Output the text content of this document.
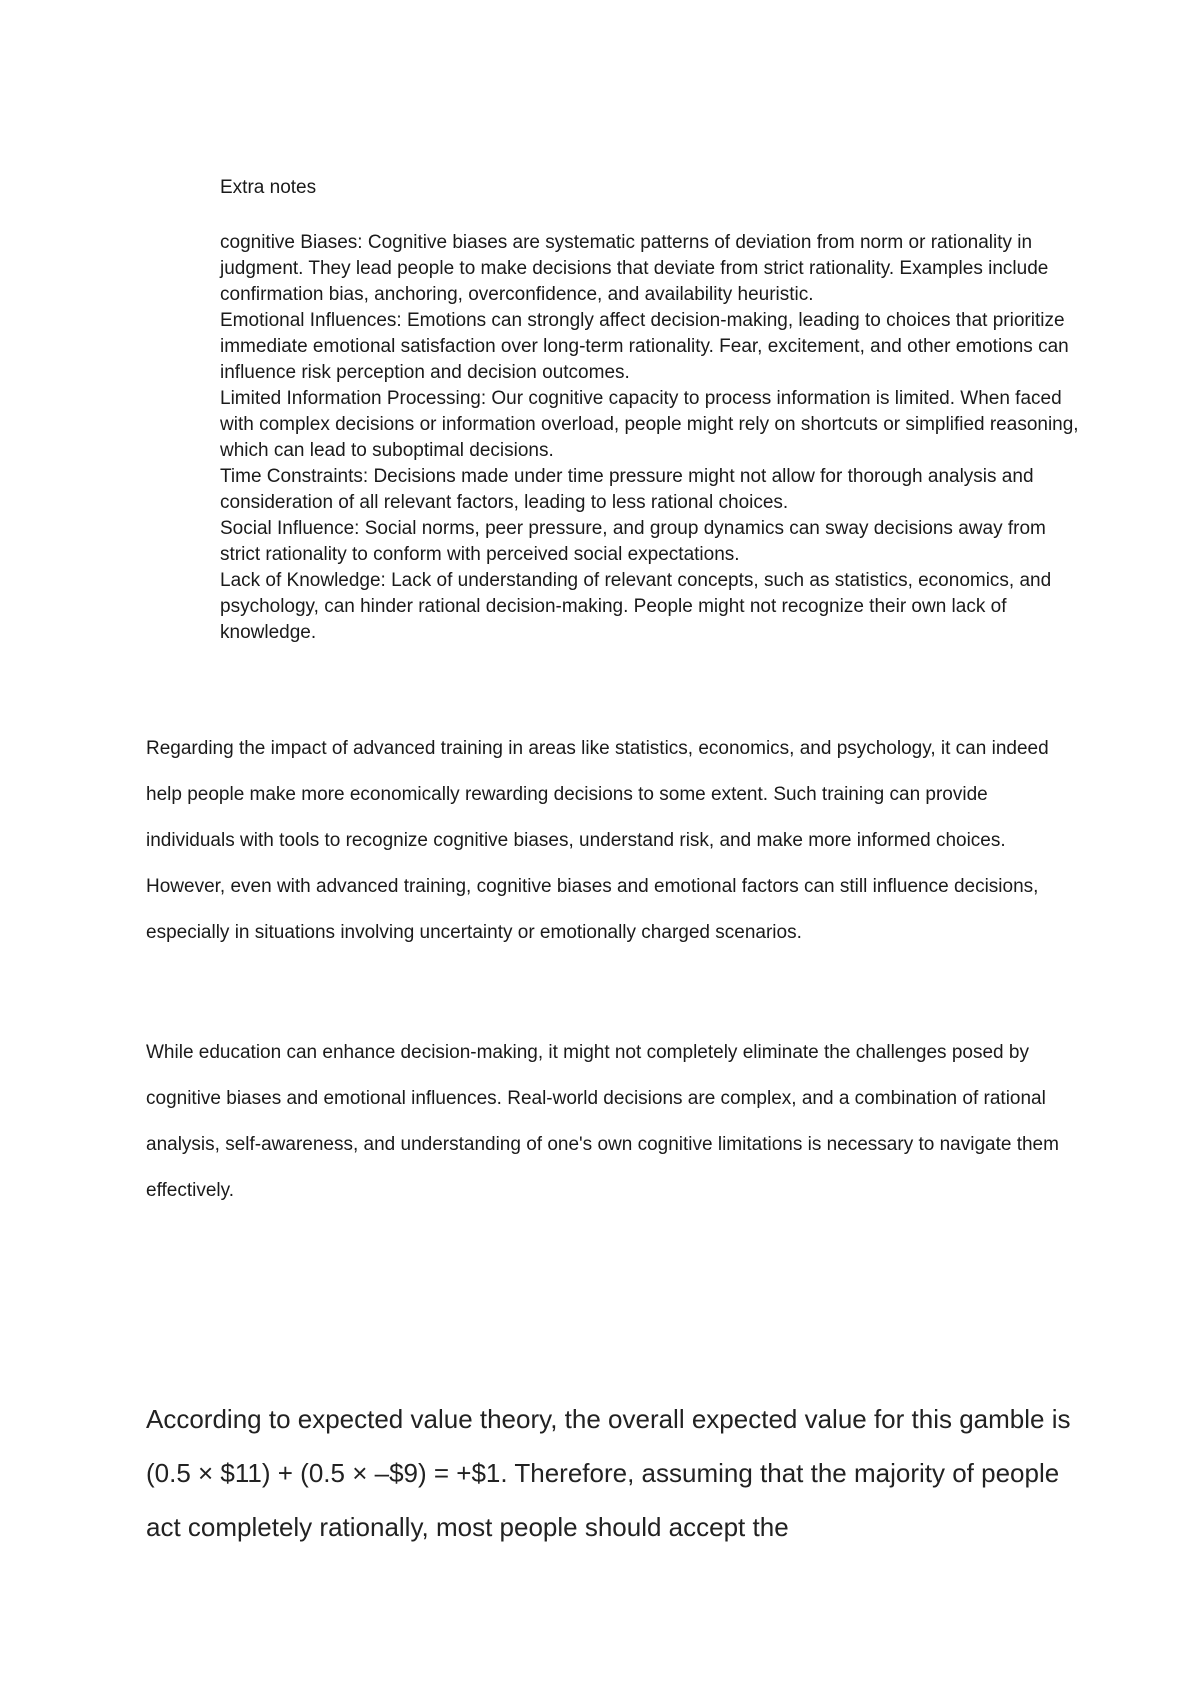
Extra notes

cognitive Biases: Cognitive biases are systematic patterns of deviation from norm or rationality in judgment. They lead people to make decisions that deviate from strict rationality. Examples include confirmation bias, anchoring, overconfidence, and availability heuristic.

Emotional Influences: Emotions can strongly affect decision-making, leading to choices that prioritize immediate emotional satisfaction over long-term rationality. Fear, excitement, and other emotions can influence risk perception and decision outcomes.

Limited Information Processing: Our cognitive capacity to process information is limited. When faced with complex decisions or information overload, people might rely on shortcuts or simplified reasoning, which can lead to suboptimal decisions.

Time Constraints: Decisions made under time pressure might not allow for thorough analysis and consideration of all relevant factors, leading to less rational choices.

Social Influence: Social norms, peer pressure, and group dynamics can sway decisions away from strict rationality to conform with perceived social expectations.

Lack of Knowledge: Lack of understanding of relevant concepts, such as statistics, economics, and psychology, can hinder rational decision-making. People might not recognize their own lack of knowledge.

Regarding the impact of advanced training in areas like statistics, economics, and psychology, it can indeed help people make more economically rewarding decisions to some extent. Such training can provide individuals with tools to recognize cognitive biases, understand risk, and make more informed choices. However, even with advanced training, cognitive biases and emotional factors can still influence decisions, especially in situations involving uncertainty or emotionally charged scenarios.

While education can enhance decision-making, it might not completely eliminate the challenges posed by cognitive biases and emotional influences. Real-world decisions are complex, and a combination of rational analysis, self-awareness, and understanding of one's own cognitive limitations is necessary to navigate them effectively.

According to expected value theory, the overall expected value for this gamble is (0.5 × $11) + (0.5 × –$9) = +$1. Therefore, assuming that the majority of people act completely rationally, most people should accept the
